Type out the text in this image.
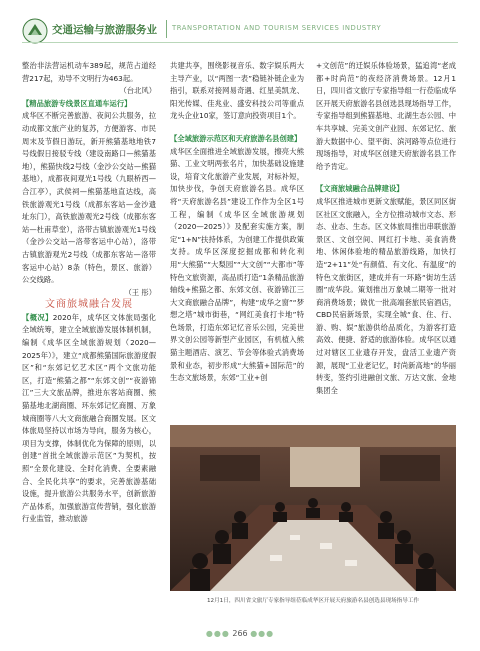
交通运输与旅游服务业 TRANSPORTATION AND TOURISM SERVICES INDUSTRY

整治非法营运机动车389起，规范占道经营217起，劝导不文明行为463起。

（台北风）

【精品旅游专线景区直通车运行】

成华区不断完善旅游、夜间公共服务，拉动成都文旅产业的复苏，方便游客、市民周末及节假日游玩，新开熊猫基地地铁7号线假日接驳专线（建设南路口—熊猫基地），熊猫快线2号线（金沙公交站—熊猫基地），成都夜间观光1号线（九眼桥西—合江亭），武侯祠—熊猫基地直达线，高铁旅游观光1号线（成都东客站—金沙遗址东门），高铁旅游观光2号线（成都东客站—杜甫草堂），洛带古镇旅游观光1号线（金沙公交站—洛带客运中心站），洛带古镇旅游观光2号线（成都东客站—洛带客运中心站）8条（特色，景区、旅游）公交线路。

（王 彤）

文商旅城融合发展

【概况】2020年，成华区文体旅局强化全域统筹，建立全域旅游发展体制机制，编制《成华区全域旅游规划（2020—2025年）》，建立“成都熊猫国际旅游度假区”和“东郊记忆艺术区”两个文旅功能区，打造“熊猫之都”“东郊文创”“夜游锦江”三大文旅品牌，推进东客站商圈、熊猫基地北湖商圈、环东郊记忆商圈、万象城商圈等八大文商旅融合商圈发展。区文体旅局坚持以市场为导向，服务为核心，项目为支撑，体制优化为保障的原则，以创建“首批全域旅游示范区”为契机，按照“全景化建设、全时化消费、全要素融合、全民化共享”的要求，完善旅游基础设施，提升旅游公共服务水平，创新旅游产品体系，加强旅游宣传营销，强化旅游行业监管，推动旅游

共建共享，围绕影视音乐、数字娱乐两大主导产业，以“两图一表”稳链补链企业为指引，联系对接网易奇遇、红星美凯龙、阳光传媒、佳兆业、盛安科技公司等重点龙头企业10家，签订意向投资项目1个。

【全域旅游示范区和天府旅游名县创建】

成华区全面推进全域旅游发展，擦亮大熊猫、工业文明两张名片，加快基础设施建设，培育文化旅游产业发展，对标补短，加快步伐，争创天府旅游名县。成华区将“天府旅游名县”建设工作作为全区1号工程，编制《成华区全域旅游规划（2020—2025）》及配套实施方案，制定“1+N”扶持体系，为创建工作提供政策支持。成华区深度挖掘成都和转化利用“大熊猫”“大梨园”“大文创”“大都市”等特色文旅资源，高品质打造“1条精品旅游轴线+熊猫之都、东郊文创、夜游锦江三大文商旅融合品牌”，构建“成华之窗”“梦想之塔”城市街巷，“网红美食打卡地”特色场景，打造东郊记忆音乐公园，完美世界文创公园等新型产业园区，有机植入熊猫主题酒店、演艺、节会等体验式消费场景和业态，初步形成“大熊猫+国际范”的生态文旅场景，东郊“工业+创

+文创范”的迁娱乐体验场景，猛追湾“老成都+时尚范”的夜经济消费场景。12月1日，四川省文旅厅专家指导组一行莅临成华区开展天府旅游名县创选县现场指导工作，专家指导组到熊猫基地、北湖生态公园、中车共享城、完美文创产业园、东郊记忆、旅游大数据中心、望平街、滨河路等点位进行现场指导，对成华区创建天府旅游名县工作给予肯定。

【文商旅城融合品牌建设】

成华区推进城市更新文旅赋能，景区同区街区社区文旅融入，全方位推动城市文态、形态、业态、生态。区文体旅局推出串联旅游景区、文创空间、网红打卡地、美食消费地、休闲体验地的精品旅游线路，加快打造“2+11”处“有颜值、有文化、有温度”的特色文旅街区，建成并有一环路“街坊生活圈”成华段。策划推出万象城二期等一批对商消费场景；做优一批高端套旅民宿酒店，CBD民宿新场景，实现全城“食、住、行、游、购、娱”旅游供给品质化，为游客打造高效、便捷、舒适的旅游体验。成华区以通过对辖区工业遗存开发，盘活工业遗产资源，展现“工业老记忆，时尚新高地”的华丽转变，签约引进融创文旅、万达文旅、金地集团全

12月1日，四川省文旅厅专家指导组莅临成华区开展天府旅游名县创选县现场指导工作
●●● 266 ●●●
